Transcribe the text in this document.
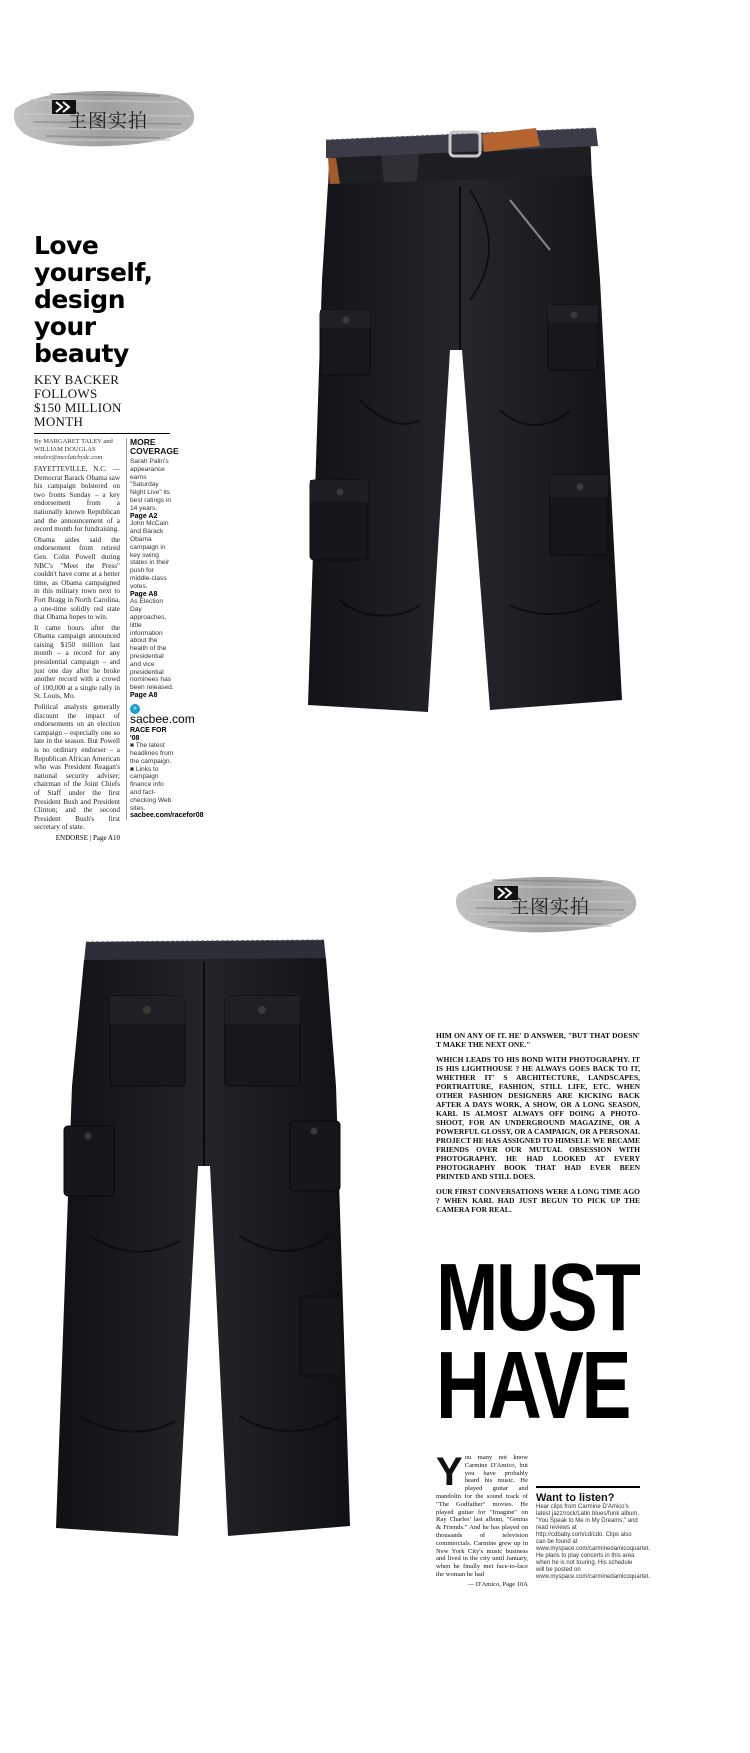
主图实拍
Love
yourself,
design
your beauty
KEY BACKER FOLLOWS
$150 MILLION MONTH
By MARGARET TALEV and WILLIAM DOUGLAS
mtalev@mcclatchydc.com

FAYETTEVILLE, N.C. — Democrat Barack Obama saw his campaign bolstered on two fronts Sunday – a key endorsement from a nationally known Republican and the announcement of a record month for fundraising.

Obama aides said the endorsement from retired Gen. Colin Powell during NBC's "Meet the Press" couldn't have come at a better time, as Obama campaigned in this military town next to Fort Bragg in North Carolina, a one-time solidly red state that Obama hopes to win.

It came hours after the Obama campaign announced raising $150 million last month – a record for any presidential campaign – and just one day after he broke another record with a crowd of 100,000 at a single rally in St. Louis, Mo.

Political analysts generally discount the impact of endorsements on an election campaign – especially one so late in the season. But Powell is no ordinary endorser – a Republican African American who was President Reagan's national security adviser; chairman of the Joint Chiefs of Staff under the first President Bush and President Clinton; and the second President Bush's first secretary of state.

ENDORSE | Page A10
MORE
COVERAGE
Sarah Palin's appearance earns "Saturday Night Live" its best ratings in 14 years.
Page A2
John McCain and Barack Obama campaign in key swing states in their push for middle-class votes.
Page A8
As Election Day approaches, little information about the health of the presidential and vice presidential nominees has been released.
Page A8
»sacbee.com
RACE FOR '08
■ The latest headlines from the campaign.
■ Links to campaign finance info and fact-checking Web sites.
sacbee.com/racefor08
主图实拍

HIM ON ANY OF IT. HE' D ANSWER, "BUT THAT DOESN' T MAKE THE NEXT ONE."

WHICH LEADS TO HIS BOND WITH PHOTOGRAPHY. IT IS HIS LIGHTHOUSE ? HE ALWAYS GOES BACK TO IT, WHETHER IT' S ARCHITECTURE, LANDSCAPES, PORTRAITURE, FASHION, STILL LIFE, ETC. WHEN OTHER FASHION DESIGNERS ARE KICKING BACK AFTER A DAYS WORK, A SHOW, OR A LONG SEASON, KARL IS ALMOST ALWAYS OFF DOING A PHOTO-SHOOT, FOR AN UNDERGROUND MAGAZINE, OR A POWERFUL GLOSSY, OR A CAMPAIGN, OR A PERSONAL PROJECT HE HAS ASSIGNED TO HIMSELF. WE BECAME FRIENDS OVER OUR MUTUAL OBSESSION WITH PHOTOGRAPHY. HE HAD LOOKED AT EVERY PHOTOGRAPHY BOOK THAT HAD EVER BEEN PRINTED AND STILL DOES.

OUR FIRST CONVERSATIONS WERE A LONG TIME AGO ? WHEN KARL HAD JUST BEGUN TO PICK UP THE CAMERA FOR REAL.

MUST
HAVE
Y ou many not know Carmine D'Amico, but you have probably heard his music. He played guitar and mandolin for the sound track of "The Godfather" movies. He played guitar for "Imagine" on Ray Charles' last album, "Genius & Friends." And he has played on thousands of television commercials. Carmine grew up in New York City's music business and lived in the city until January, when he finally met face-to-face the woman he had
— D'Amico, Page 10A
Want to listen?
Hear clips from Carmine D'Amico's latest jazz/rock/Latin blues/funk album, "You Speak to Me in My Dreams," and read reviews at http://cdbaby.com/cd/cdo. Clips also can be found at www.myspace.com/carminedamicoquartet. He plans to play concerts in this area when he is not touring. His schedule will be posted on www.myspace.com/carminedamicoquartet.
